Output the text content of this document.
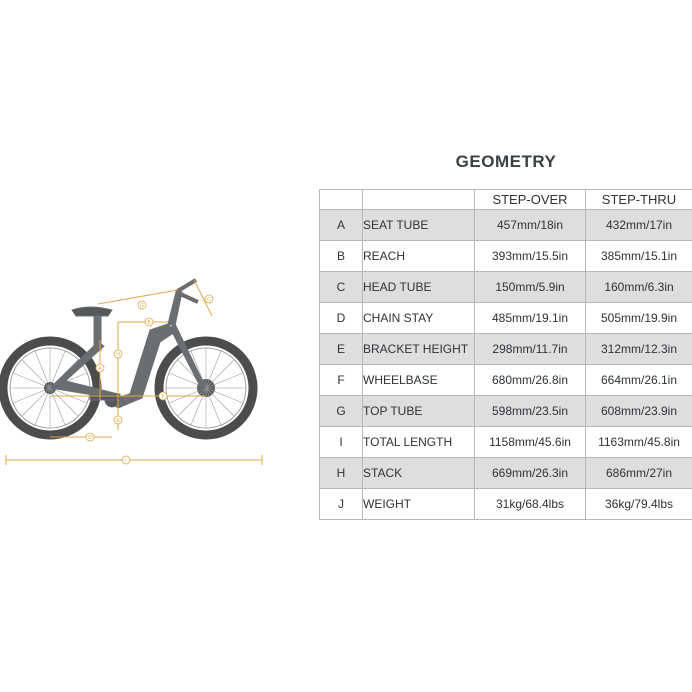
G
B
C
H
A
F
E
D
I
GEOMETRY
		STEP-OVER	STEP-THRU
A	SEAT TUBE	457mm/18in	432mm/17in
B	REACH	393mm/15.5in	385mm/15.1in
C	HEAD TUBE	150mm/5.9in	160mm/6.3in
D	CHAIN STAY	485mm/19.1in	505mm/19.9in
E	BRACKET HEIGHT	298mm/11.7in	312mm/12.3in
F	WHEELBASE	680mm/26.8in	664mm/26.1in
G	TOP TUBE	598mm/23.5in	608mm/23.9in
I	TOTAL LENGTH	1158mm/45.6in	1163mm/45.8in
H	STACK	669mm/26.3in	686mm/27in
J	WEIGHT	31kg/68.4lbs	36kg/79.4lbs
